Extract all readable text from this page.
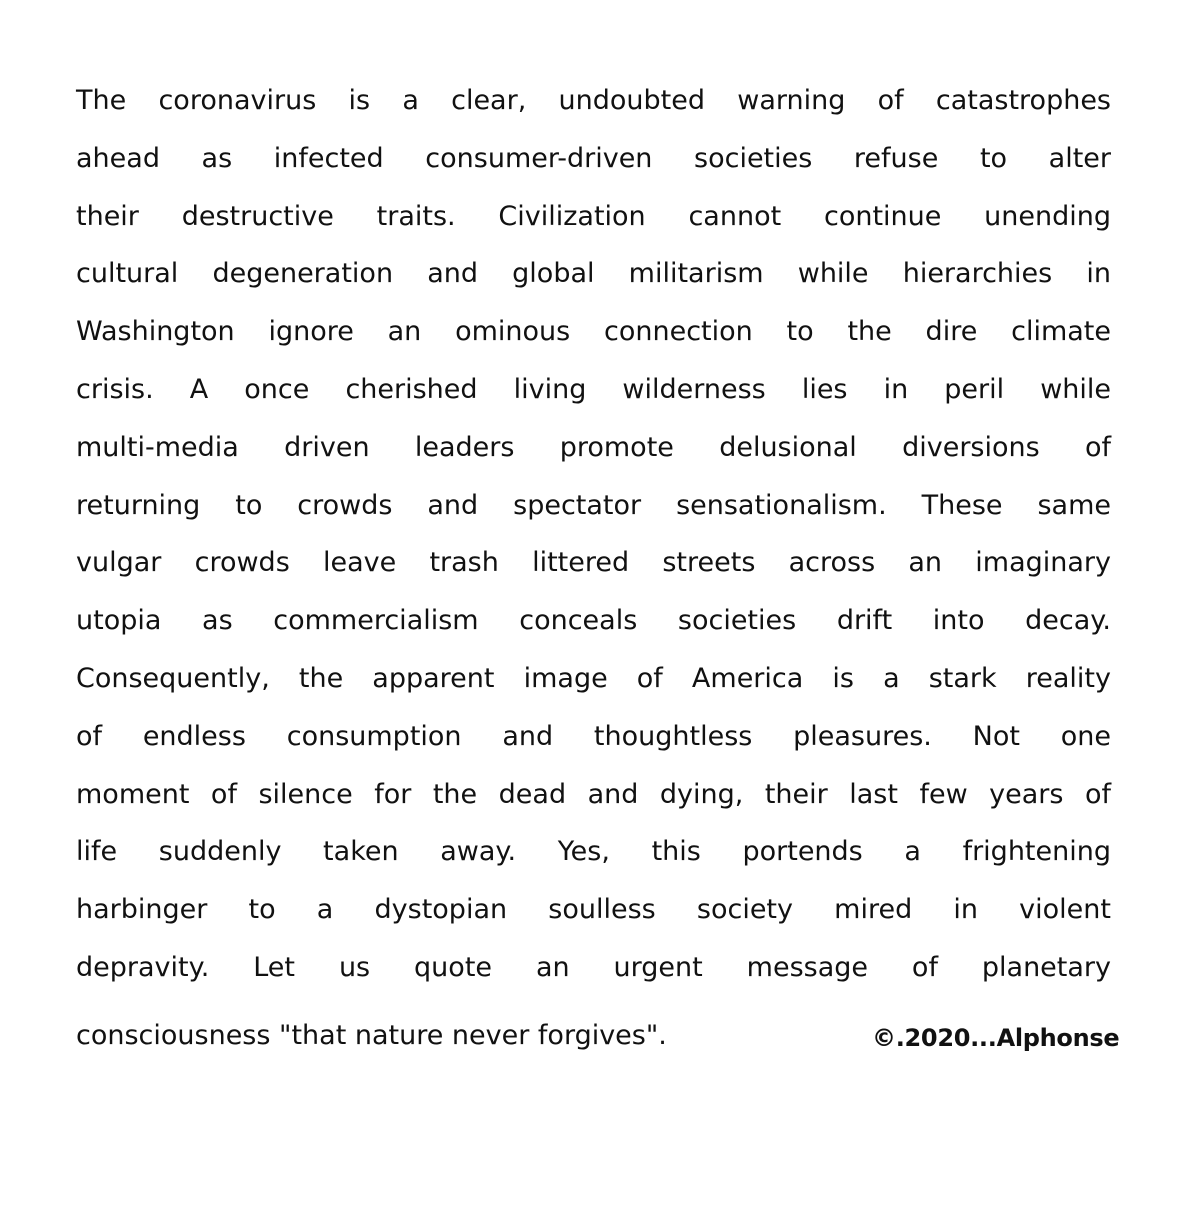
The coronavirus is a clear, undoubted warning of catastrophes
ahead as infected consumer-driven societies refuse to alter
their destructive traits. Civilization cannot continue unending
cultural degeneration and global militarism while hierarchies in
Washington ignore an ominous connection to the dire climate
crisis. A once cherished living wilderness lies in peril while
multi-media driven leaders promote delusional diversions of
returning to crowds and spectator sensationalism. These same
vulgar crowds leave trash littered streets across an imaginary
utopia as commercialism conceals societies drift into decay.
Consequently, the apparent image of America is a stark reality
of endless consumption and thoughtless pleasures. Not one
moment of silence for the dead and dying, their last few years of
life suddenly taken away. Yes, this portends a frightening
harbinger to a dystopian soulless society mired in violent
depravity. Let us quote an urgent message of planetary
consciousness "that nature never forgives".	©.2020...Alphonse
